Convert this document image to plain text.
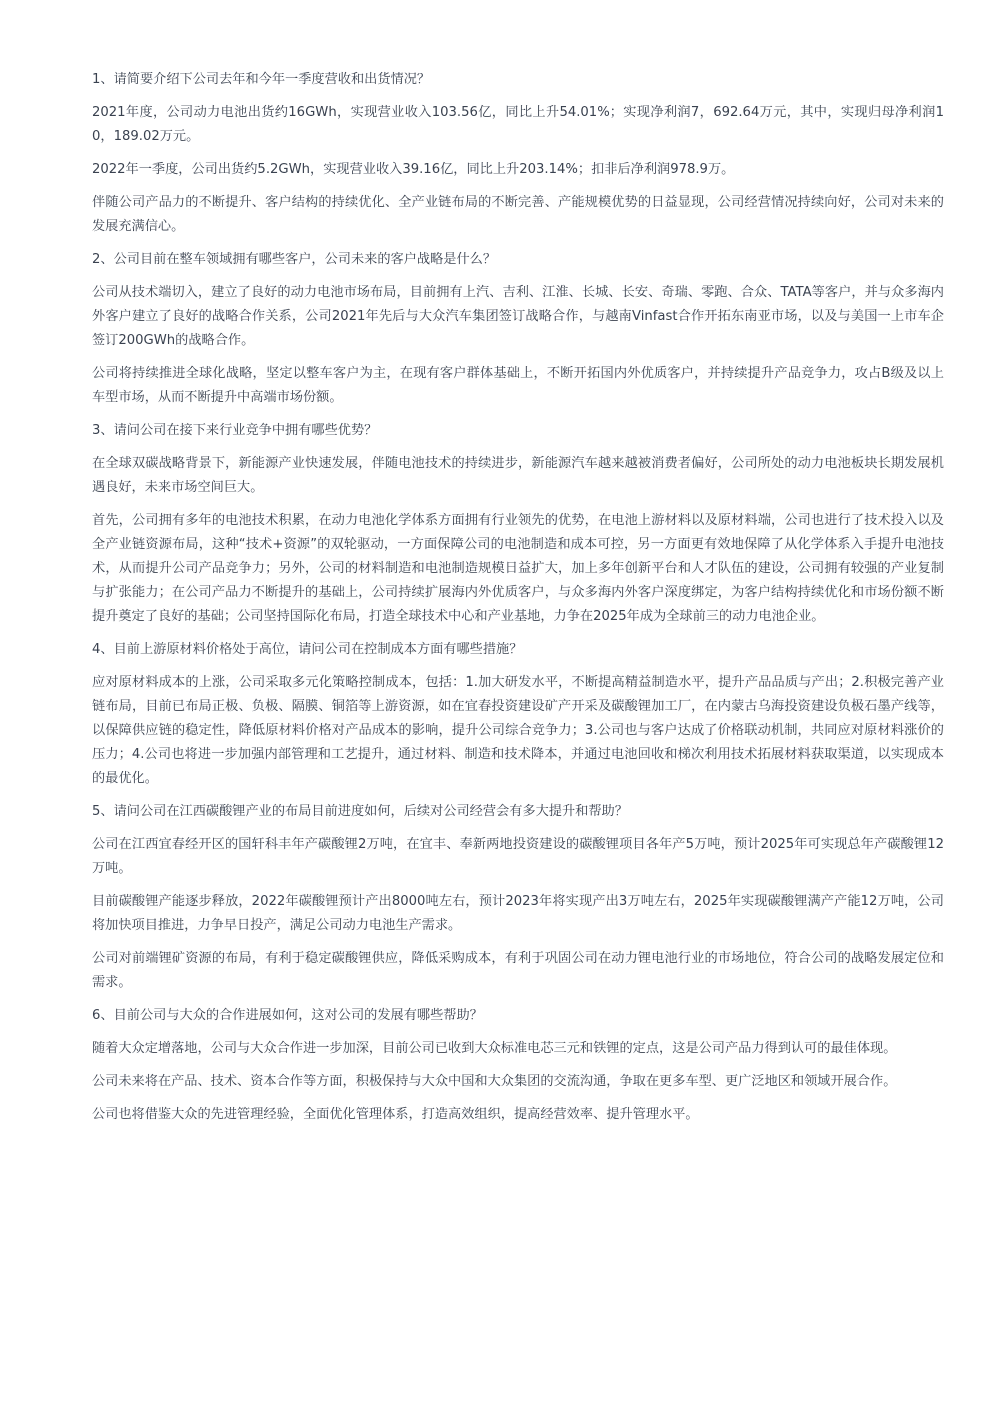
1、请简要介绍下公司去年和今年一季度营收和出货情况？

2021年度，公司动力电池出货约16GWh，实现营业收入103.56亿，同比上升54.01%；实现净利润7，692.64万元，其中，实现归母净利润10，189.02万元。

2022年一季度，公司出货约5.2GWh，实现营业收入39.16亿，同比上升203.14%；扣非后净利润978.9万。

伴随公司产品力的不断提升、客户结构的持续优化、全产业链布局的不断完善、产能规模优势的日益显现，公司经营情况持续向好，公司对未来的发展充满信心。

2、公司目前在整车领域拥有哪些客户，公司未来的客户战略是什么？

公司从技术端切入，建立了良好的动力电池市场布局，目前拥有上汽、吉利、江淮、长城、长安、奇瑞、零跑、合众、TATA等客户，并与众多海内外客户建立了良好的战略合作关系，公司2021年先后与大众汽车集团签订战略合作，与越南Vinfast合作开拓东南亚市场，以及与美国一上市车企签订200GWh的战略合作。

公司将持续推进全球化战略，坚定以整车客户为主，在现有客户群体基础上，不断开拓国内外优质客户，并持续提升产品竞争力，攻占B级及以上车型市场，从而不断提升中高端市场份额。

3、请问公司在接下来行业竞争中拥有哪些优势？

在全球双碳战略背景下，新能源产业快速发展，伴随电池技术的持续进步，新能源汽车越来越被消费者偏好，公司所处的动力电池板块长期发展机遇良好，未来市场空间巨大。

首先，公司拥有多年的电池技术积累，在动力电池化学体系方面拥有行业领先的优势，在电池上游材料以及原材料端，公司也进行了技术投入以及全产业链资源布局，这种“技术+资源”的双轮驱动，一方面保障公司的电池制造和成本可控，另一方面更有效地保障了从化学体系入手提升电池技术，从而提升公司产品竞争力；另外，公司的材料制造和电池制造规模日益扩大，加上多年创新平台和人才队伍的建设，公司拥有较强的产业复制与扩张能力；在公司产品力不断提升的基础上，公司持续扩展海内外优质客户，与众多海内外客户深度绑定，为客户结构持续优化和市场份额不断提升奠定了良好的基础；公司坚持国际化布局，打造全球技术中心和产业基地，力争在2025年成为全球前三的动力电池企业。

4、目前上游原材料价格处于高位，请问公司在控制成本方面有哪些措施？

应对原材料成本的上涨，公司采取多元化策略控制成本，包括：1.加大研发水平，不断提高精益制造水平，提升产品品质与产出；2.积极完善产业链布局，目前已布局正极、负极、隔膜、铜箔等上游资源，如在宜春投资建设矿产开采及碳酸锂加工厂，在内蒙古乌海投资建设负极石墨产线等，以保障供应链的稳定性，降低原材料价格对产品成本的影响，提升公司综合竞争力；3.公司也与客户达成了价格联动机制，共同应对原材料涨价的压力；4.公司也将进一步加强内部管理和工艺提升，通过材料、制造和技术降本，并通过电池回收和梯次利用技术拓展材料获取渠道，以实现成本的最优化。

5、请问公司在江西碳酸锂产业的布局目前进度如何，后续对公司经营会有多大提升和帮助？

公司在江西宜春经开区的国轩科丰年产碳酸锂2万吨，在宜丰、奉新两地投资建设的碳酸锂项目各年产5万吨，预计2025年可实现总年产碳酸锂12万吨。

目前碳酸锂产能逐步释放，2022年碳酸锂预计产出8000吨左右，预计2023年将实现产出3万吨左右，2025年实现碳酸锂满产产能12万吨，公司将加快项目推进，力争早日投产，满足公司动力电池生产需求。

公司对前端锂矿资源的布局，有利于稳定碳酸锂供应，降低采购成本，有利于巩固公司在动力锂电池行业的市场地位，符合公司的战略发展定位和需求。

6、目前公司与大众的合作进展如何，这对公司的发展有哪些帮助？

随着大众定增落地，公司与大众合作进一步加深，目前公司已收到大众标准电芯三元和铁锂的定点，这是公司产品力得到认可的最佳体现。

公司未来将在产品、技术、资本合作等方面，积极保持与大众中国和大众集团的交流沟通，争取在更多车型、更广泛地区和领域开展合作。

公司也将借鉴大众的先进管理经验，全面优化管理体系，打造高效组织，提高经营效率、提升管理水平。
